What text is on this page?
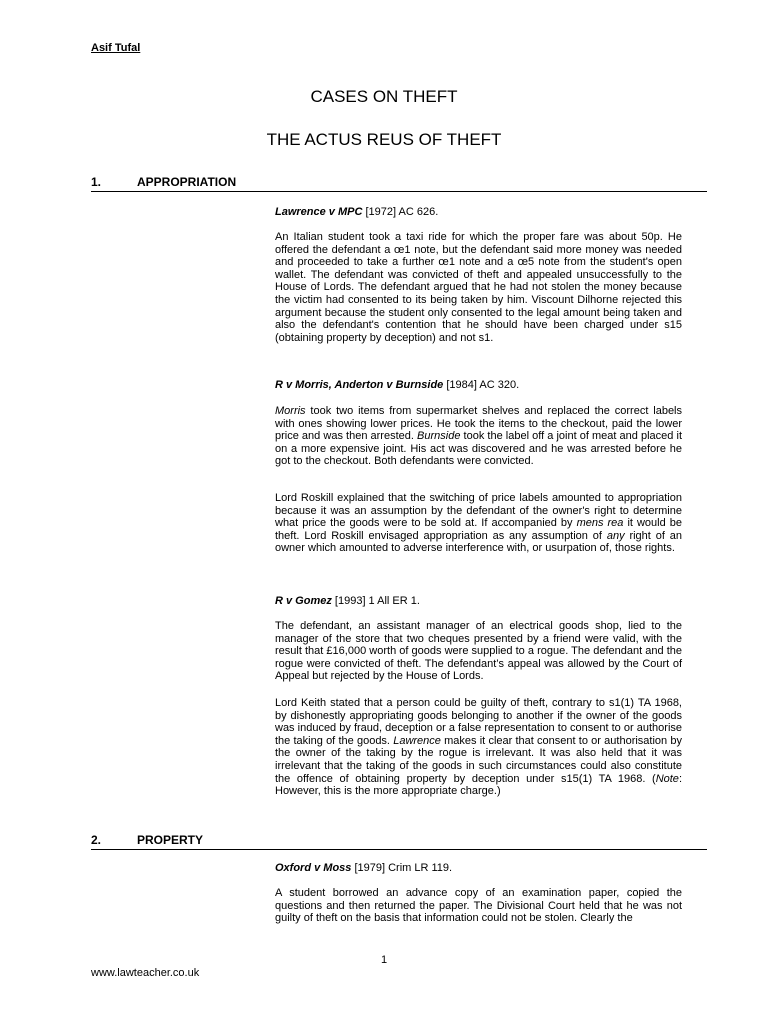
Asif Tufal
CASES ON THEFT
THE ACTUS REUS OF THEFT
1.	APPROPRIATION

Lawrence v MPC [1972] AC 626.

An Italian student took a taxi ride for which the proper fare was about 50p. He offered the defendant a œ1 note, but the defendant said more money was needed and proceeded to take a further œ1 note and a œ5 note from the student's open wallet. The defendant was convicted of theft and appealed unsuccessfully to the House of Lords. The defendant argued that he had not stolen the money because the victim had consented to its being taken by him. Viscount Dilhorne rejected this argument because the student only consented to the legal amount being taken and also the defendant's contention that he should have been charged under s15 (obtaining property by deception) and not s1.

R v Morris, Anderton v Burnside [1984] AC 320.

Morris took two items from supermarket shelves and replaced the correct labels with ones showing lower prices. He took the items to the checkout, paid the lower price and was then arrested. Burnside took the label off a joint of meat and placed it on a more expensive joint. His act was discovered and he was arrested before he got to the checkout. Both defendants were convicted.

Lord Roskill explained that the switching of price labels amounted to appropriation because it was an assumption by the defendant of the owner's right to determine what price the goods were to be sold at. If accompanied by mens rea it would be theft. Lord Roskill envisaged appropriation as any assumption of any right of an owner which amounted to adverse interference with, or usurpation of, those rights.

R v Gomez [1993] 1 All ER 1.

The defendant, an assistant manager of an electrical goods shop, lied to the manager of the store that two cheques presented by a friend were valid, with the result that £16,000 worth of goods were supplied to a rogue. The defendant and the rogue were convicted of theft. The defendant’s appeal was allowed by the Court of Appeal but rejected by the House of Lords.

Lord Keith stated that a person could be guilty of theft, contrary to s1(1) TA 1968, by dishonestly appropriating goods belonging to another if the owner of the goods was induced by fraud, deception or a false representation to consent to or authorise the taking of the goods. Lawrence makes it clear that consent to or authorisation by the owner of the taking by the rogue is irrelevant. It was also held that it was irrelevant that the taking of the goods in such circumstances could also constitute the offence of obtaining property by deception under s15(1) TA 1968. (Note: However, this is the more appropriate charge.)

2.	PROPERTY

Oxford v Moss [1979] Crim LR 119.

A student borrowed an advance copy of an examination paper, copied the questions and then returned the paper. The Divisional Court held that he was not guilty of theft on the basis that information could not be stolen. Clearly the

1
www.lawteacher.co.uk
